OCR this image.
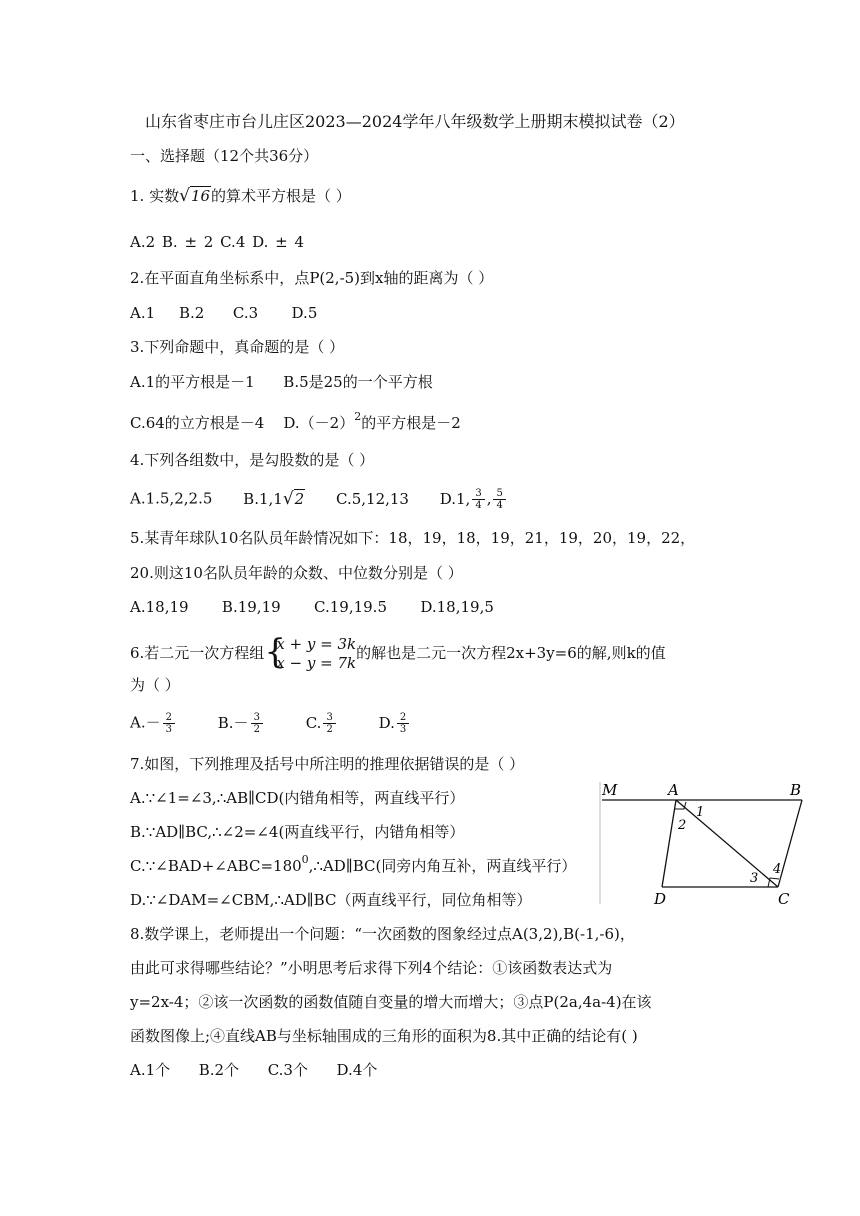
山东省枣庄市台儿庄区2023—2024学年八年级数学上册期末模拟试卷（2）
一、选择题（12个共36分）
1. 实数√16的算术平方根是（ ）
A.2 B. ± 2 C.4 D. ± 4
2.在平面直角坐标系中，点P(2,-5)到x轴的距离为（ ）
A.1     B.2      C.3       D.5
3.下列命题中，真命题的是（ ）
A.1的平方根是－1      B.5是25的一个平方根
C.64的立方根是－4    $D.(-2)^2$的平方根是－2
4.下列各组数中，是勾股数的是（ ）
A.1.5,2,2.5 B.1,1√2 C.5,12,13 D.1, $\frac{3}{4}$ , $\frac{5}{4}$
5.某青年球队10名队员年龄情况如下：18，19，18，19，21，19，20，19，22，
20.则这10名队员年龄的众数、中位数分别是（ ）
A.18,19       B.19,19       C.19,19.5       D.18,19,5
6.若二元一次方程组 {
x + y = 3k
x − y = 7k
的解也是二元一次方程2x+3y=6的解,则k的值
为（ ）
$A.- \frac{2}{3}$	$B.- \frac{3}{2}$	C. $\frac{3}{2}$	D. $\frac{2}{3}$
7.如图，下列推理及括号中所注明的推理依据错误的是（ ）
A.∵∠1=∠3,∴AB∥CD(内错角相等，两直线平行）
B.∵AD∥BC,∴∠2=∠4(两直线平行，内错角相等）
$C.\because\angle BAD+\angle ABC=180^0,\therefore AD\parallel BC$(同旁内角互补，两直线平行）
D.∵∠DAM=∠CBM,∴AD∥BC（两直线平行，同位角相等）
M	A	B
D	C
1
2
3
4
8.数学课上，老师提出一个问题：“一次函数的图象经过点A(3,2),B(-1,-6)，
由此可求得哪些结论？”小明思考后求得下列4个结论：①该函数表达式为
y=2x-4；②该一次函数的函数值随自变量的增大而增大；③点P(2a,4a-4)在该
函数图像上;④直线AB与坐标轴围成的三角形的面积为8.其中正确的结论有( )
A.1个      B.2个      C.3个      D.4个
